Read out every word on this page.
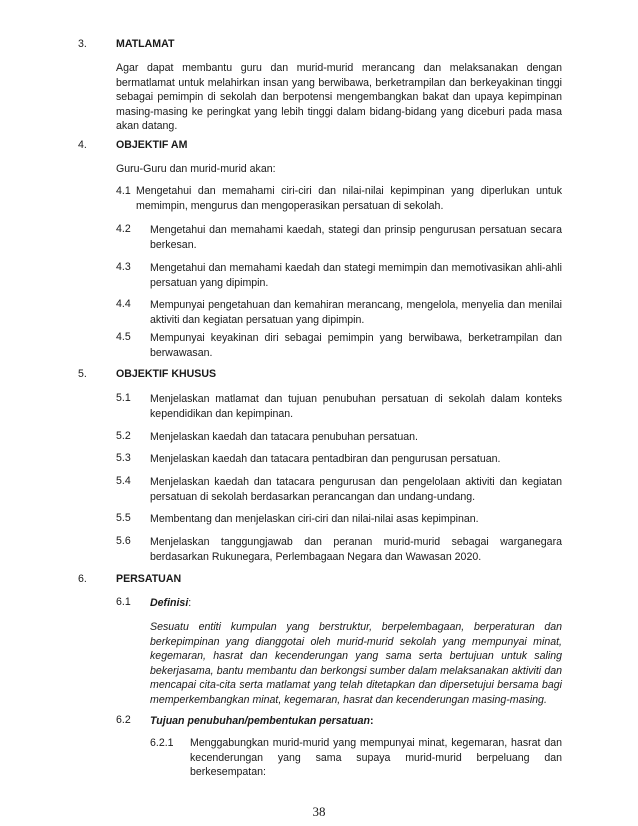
3.	MATLAMAT
Agar dapat membantu guru dan murid-murid merancang dan melaksanakan dengan bermatlamat untuk melahirkan insan yang berwibawa, berketrampilan dan berkeyakinan tinggi sebagai pemimpin di sekolah dan berpotensi mengembangkan bakat dan upaya kepimpinan masing-masing ke peringkat yang lebih tinggi dalam bidang-bidang yang diceburi pada masa akan datang.
4.	OBJEKTIF AM
Guru-Guru dan murid-murid akan:
4.1 Mengetahui dan memahami ciri-ciri dan nilai-nilai kepimpinan yang diperlukan untuk memimpin, mengurus dan mengoperasikan persatuan di sekolah.
4.2 Mengetahui dan memahami kaedah, stategi dan prinsip pengurusan persatuan secara berkesan.
4.3 Mengetahui dan memahami kaedah dan stategi memimpin dan memotivasikan ahli-ahli persatuan yang dipimpin.
4.4 Mempunyai pengetahuan dan kemahiran merancang, mengelola, menyelia dan menilai aktiviti dan kegiatan persatuan yang dipimpin.
4.5 Mempunyai keyakinan diri sebagai pemimpin yang berwibawa, berketrampilan dan berwawasan.
5.	OBJEKTIF KHUSUS
5.1 Menjelaskan matlamat dan tujuan penubuhan persatuan di sekolah dalam konteks kependidikan dan kepimpinan.
5.2 Menjelaskan kaedah dan tatacara penubuhan persatuan.
5.3 Menjelaskan kaedah dan tatacara pentadbiran dan pengurusan persatuan.
5.4 Menjelaskan kaedah dan tatacara pengurusan dan pengelolaan aktiviti dan kegiatan persatuan di sekolah berdasarkan perancangan dan undang-undang.
5.5 Membentang dan menjelaskan ciri-ciri dan nilai-nilai asas kepimpinan.
5.6 Menjelaskan tanggungjawab dan peranan murid-murid sebagai warganegara berdasarkan Rukunegara, Perlembagaan Negara dan Wawasan 2020.
6.	PERSATUAN
6.1 Definisi:
Sesuatu entiti kumpulan yang berstruktur, berpelembagaan, berperaturan dan berkepimpinan yang dianggotai oleh murid-murid sekolah yang mempunyai minat, kegemaran, hasrat dan kecenderungan yang sama serta bertujuan untuk saling bekerjasama, bantu membantu dan berkongsi sumber dalam melaksanakan aktiviti dan mencapai cita-cita serta matlamat yang telah ditetapkan dan dipersetujui bersama bagi memperkembangkan minat, kegemaran, hasrat dan kecenderungan masing-masing.
6.2 Tujuan penubuhan/pembentukan persatuan:
6.2.1 Menggabungkan murid-murid yang mempunyai minat, kegemaran, hasrat dan kecenderungan yang sama supaya murid-murid berpeluang dan berkesempatan:
38
